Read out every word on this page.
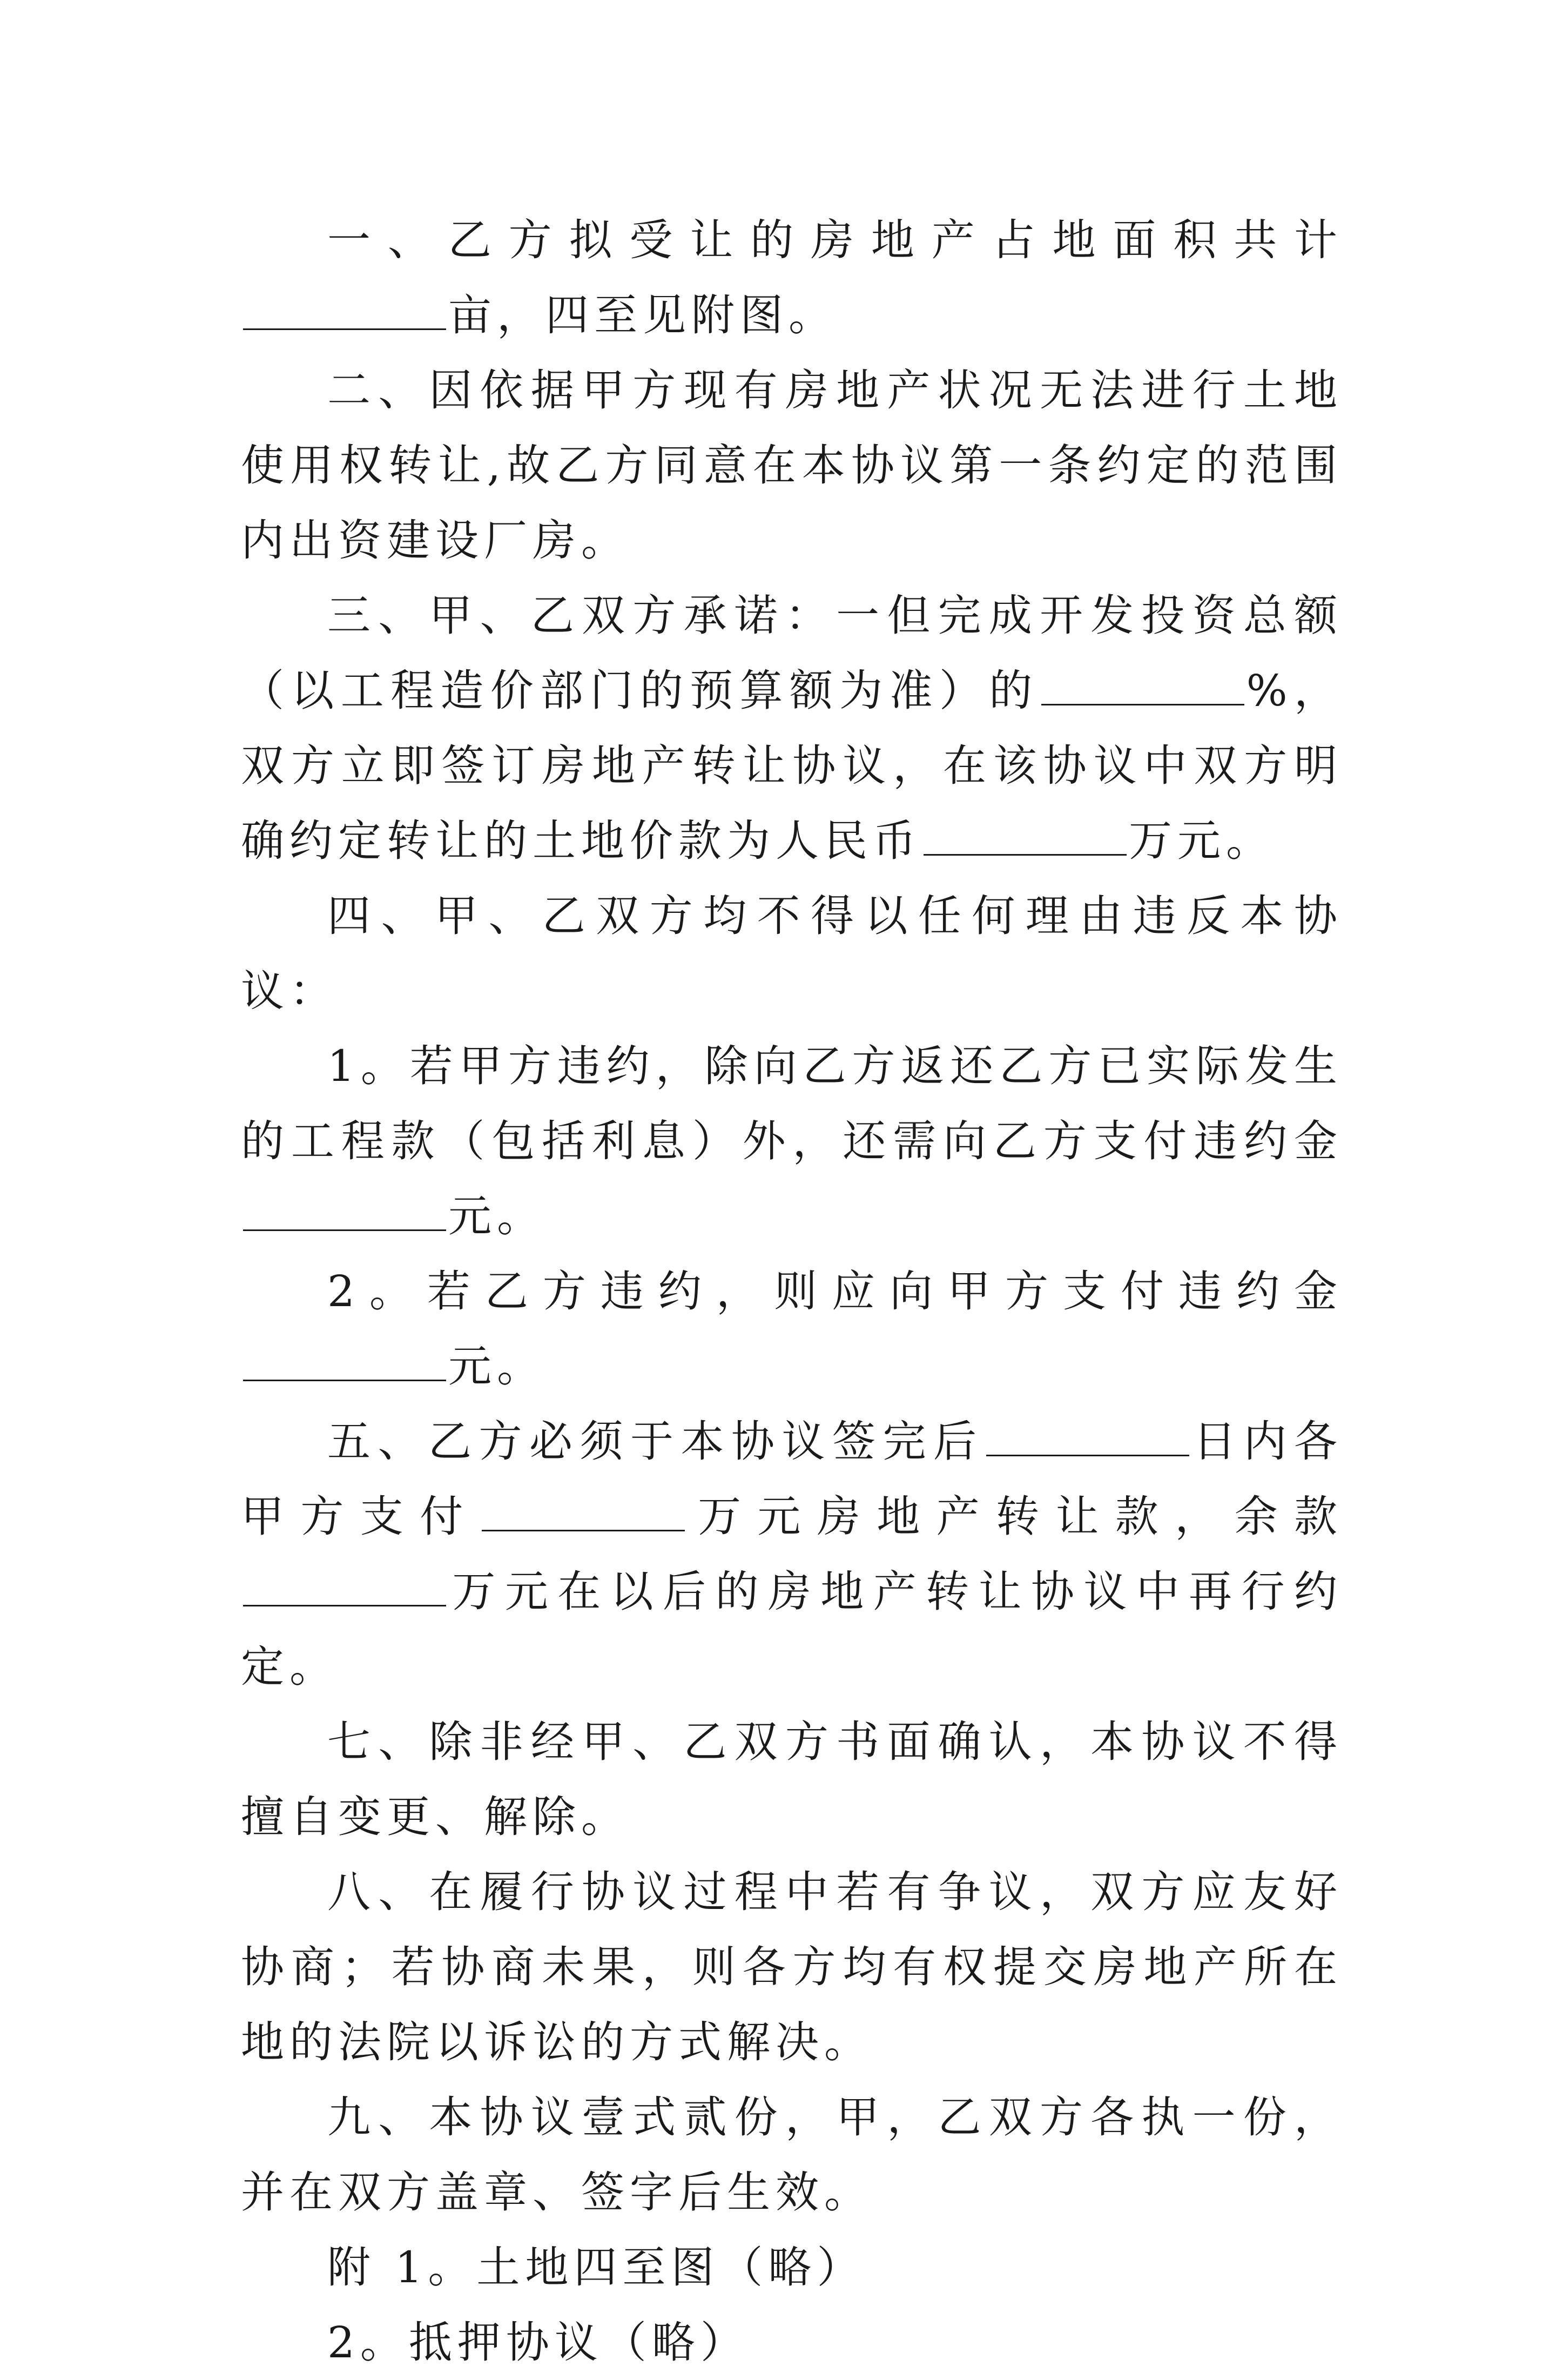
一、乙方拟受让的房地产占地面积共计亩，四至见附图。

二、因依据甲方现有房地产状况无法进行土地使用权转让,故乙方同意在本协议第一条约定的范围内出资建设厂房。

三、甲、乙双方承诺：一但完成开发投资总额（以工程造价部门的预算额为准）的	%，双方立即签订房地产转让协议，在该协议中双方明确约定转让的土地价款为人民币	万元。

四、甲、乙双方均不得以任何理由违反本协议：

1。若甲方违约，除向乙方返还乙方已实际发生的工程款（包括利息）外，还需向乙方支付违约金元。

2。若乙方违约，则应向甲方支付违约金元。

五、乙方必须于本协议签完后	日内各甲方支付	万元房地产转让款，余款万元在以后的房地产转让协议中再行约定。

七、除非经甲、乙双方书面确认，本协议不得擅自变更、解除。

八、在履行协议过程中若有争议，双方应友好协商；若协商未果，则各方均有权提交房地产所在地的法院以诉讼的方式解决。

九、本协议壹式贰份，甲，乙双方各执一份，并在双方盖章、签字后生效。

附 1。土地四至图（略）

2。抵押协议（略）
